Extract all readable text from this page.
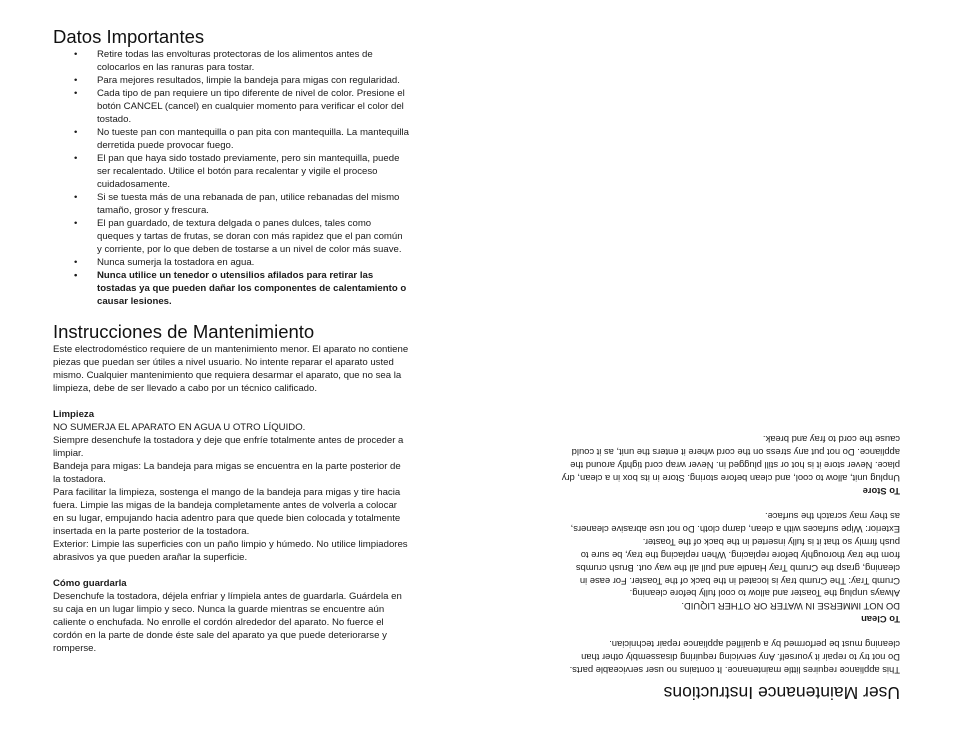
Datos Importantes
• Retire todas las envolturas protectoras de los alimentos antes de colocarlos en las ranuras para tostar.
• Para mejores resultados, limpie la bandeja para migas con regularidad.
• Cada tipo de pan requiere un tipo diferente de nivel de color. Presione el botón CANCEL (cancel) en cualquier momento para verificar el color del tostado.
• No tueste pan con mantequilla o pan pita con mantequilla. La mantequilla derretida puede provocar fuego.
• El pan que haya sido tostado previamente, pero sin mantequilla, puede ser recalentado. Utilice el botón para recalentar y vigile el proceso cuidadosamente.
• Si se tuesta más de una rebanada de pan, utilice rebanadas del mismo tamaño, grosor y frescura.
• El pan guardado, de textura delgada o panes dulces, tales como queques y tartas de frutas, se doran con más rapidez que el pan común y corriente, por lo que deben de tostarse a un nivel de color más suave.
• Nunca sumerja la tostadora en agua.
• Nunca utilice un tenedor o utensilios afilados para retirar las tostadas ya que pueden dañar los componentes de calentamiento o causar lesiones.
Instrucciones de Mantenimiento

Este electrodoméstico requiere de un mantenimiento menor. El aparato no contiene piezas que puedan ser útiles a nivel usuario. No intente reparar el aparato usted mismo. Cualquier mantenimiento que requiera desarmar el aparato, que no sea la limpieza, debe de ser llevado a cabo por un técnico calificado.

Limpieza

NO SUMERJA EL APARATO EN AGUA U OTRO LÍQUIDO.

Siempre desenchufe la tostadora y deje que enfríe totalmente antes de proceder a limpiar.

Bandeja para migas: La bandeja para migas se encuentra en la parte posterior de la tostadora.

Para facilitar la limpieza, sostenga el mango de la bandeja para migas y tire hacia fuera. Limpie las migas de la bandeja completamente antes de volverla a colocar en su lugar, empujando hacia adentro para que quede bien colocada y totalmente insertada en la parte posterior de la tostadora.

Exterior: Limpie las superficies con un paño limpio y húmedo. No utilice limpiadores abrasivos ya que pueden arañar la superficie.

Cómo guardarla

Desenchufe la tostadora, déjela enfriar y límpiela antes de guardarla. Guárdela en su caja en un lugar limpio y seco. Nunca la guarde mientras se encuentre aún caliente o enchufada. No enrolle el cordón alrededor del aparato. No fuerce el cordón en la parte de donde éste sale del aparato ya que puede deteriorarse y romperse.

User Maintenance Instructions

This appliance requires little maintenance. It contains no user serviceable parts. Do not try to repair it yourself. Any servicing requiring disassembly other than cleaning must be performed by a qualified appliance repair technician.

To Clean

DO NOT IMMERSE IN WATER OR OTHER LIQUID.

Always unplug the Toaster and allow to cool fully before cleaning.

Crumb Tray: The Crumb tray is located in the back of the Toaster. For ease in cleaning, grasp the Crumb Tray Handle and pull all the way out. Brush crumbs from the tray thoroughly before replacing. When replacing the tray, be sure to push firmly so that it is fully inserted in the back of the Toaster.

Exterior: Wipe surfaces with a clean, damp cloth. Do not use abrasive cleaners, as they may scratch the surface.

To Store

Unplug unit, allow to cool, and clean before storing. Store in its box in a clean, dry place. Never store it is hot or still plugged in. Never wrap cord tightly around the appliance. Do not put any stress on the cord where it enters the unit, as it could cause the cord to fray and break.
